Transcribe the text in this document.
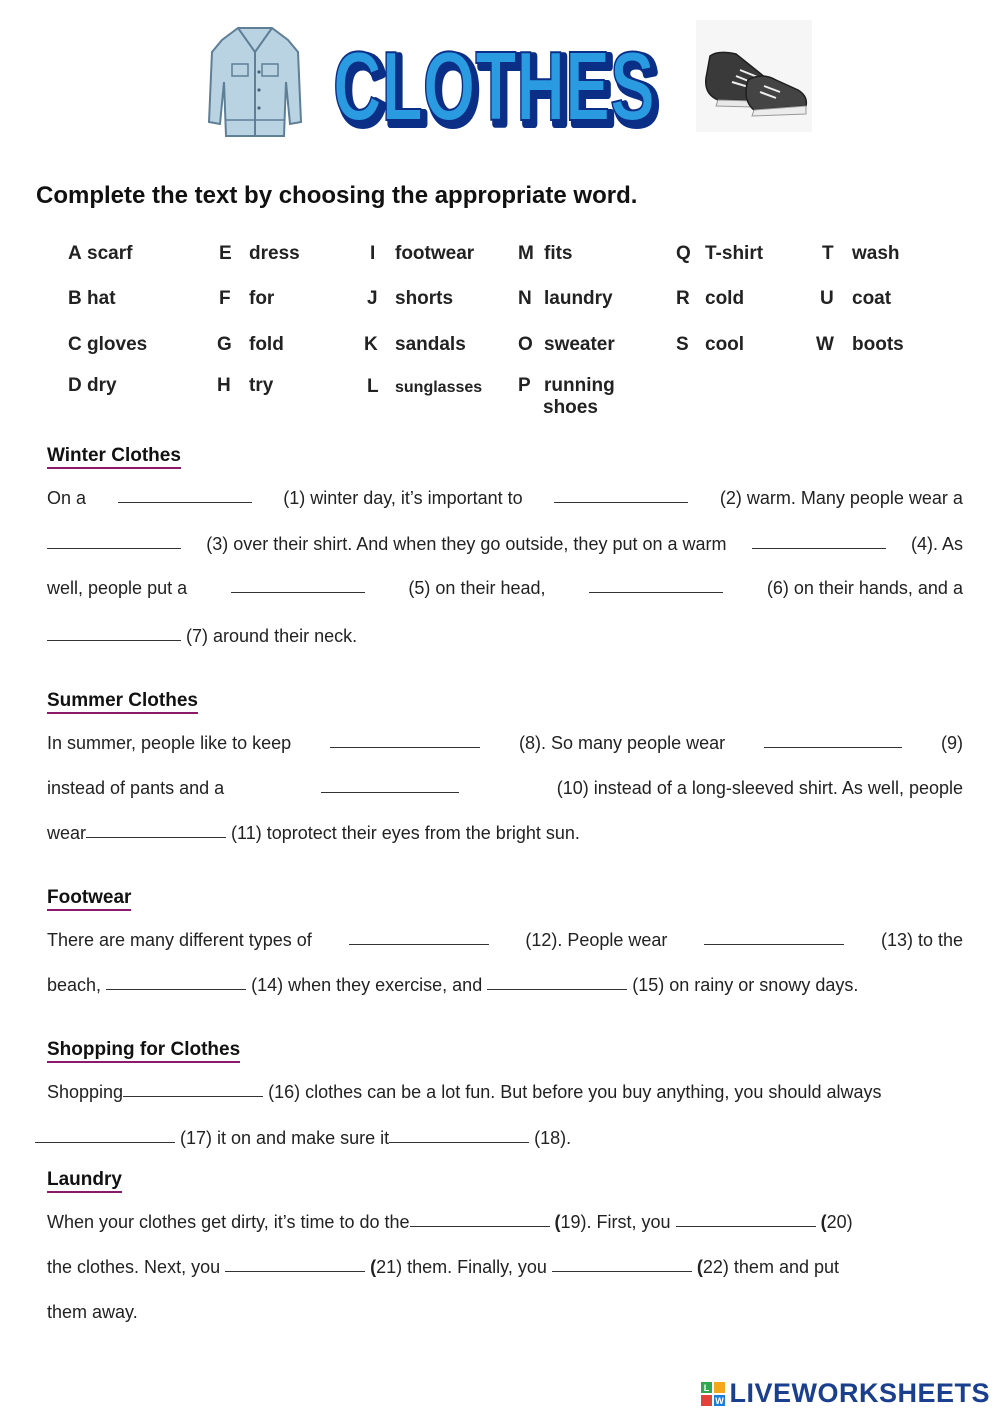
CLOTHES
CLOTHES
Complete the text by choosing the appropriate word.
A scarf	E dress	I footwear M fits	Q T-shirt	T wash
B hat	F for	J shorts	N laundry	R cold	U coat
C gloves	G fold	K sandals	O sweater	S cool	W boots
D dry	H try	L sunglasses P running
shoes
Winter Clothes
On a	(1) winter day, it’s important to	(2) warm. Many people wear a
(3) over their shirt. And when they go outside, they put on a warm	(4). As
well, people put a	(5) on their head,	(6) on their hands, and a

(7) around their neck.
Summer Clothes
In summer, people like to keep	(8). So many people wear	(9)
instead of pants and a	(10) instead of a long-sleeved shirt. As well, people
wear
	(11) toprotect their eyes from the bright sun.
Footwear
There are many different types of	(12). People wear	(13) to the
beach,

	(14) when they exercise, and

	(15) on rainy or snowy days.
Shopping for Clothes
Shopping
	(16) clothes can be a lot fun. But before you buy anything, you should always

(17) it on and make sure it
	(18).
Laundry
When your clothes get dirty, it’s time to do the
	( 19). First, you

	( 20)
the clothes. Next, you

	( 21) them. Finally, you

	( 22) them and put
them away.
L
W LIVEWORKSHEETS
